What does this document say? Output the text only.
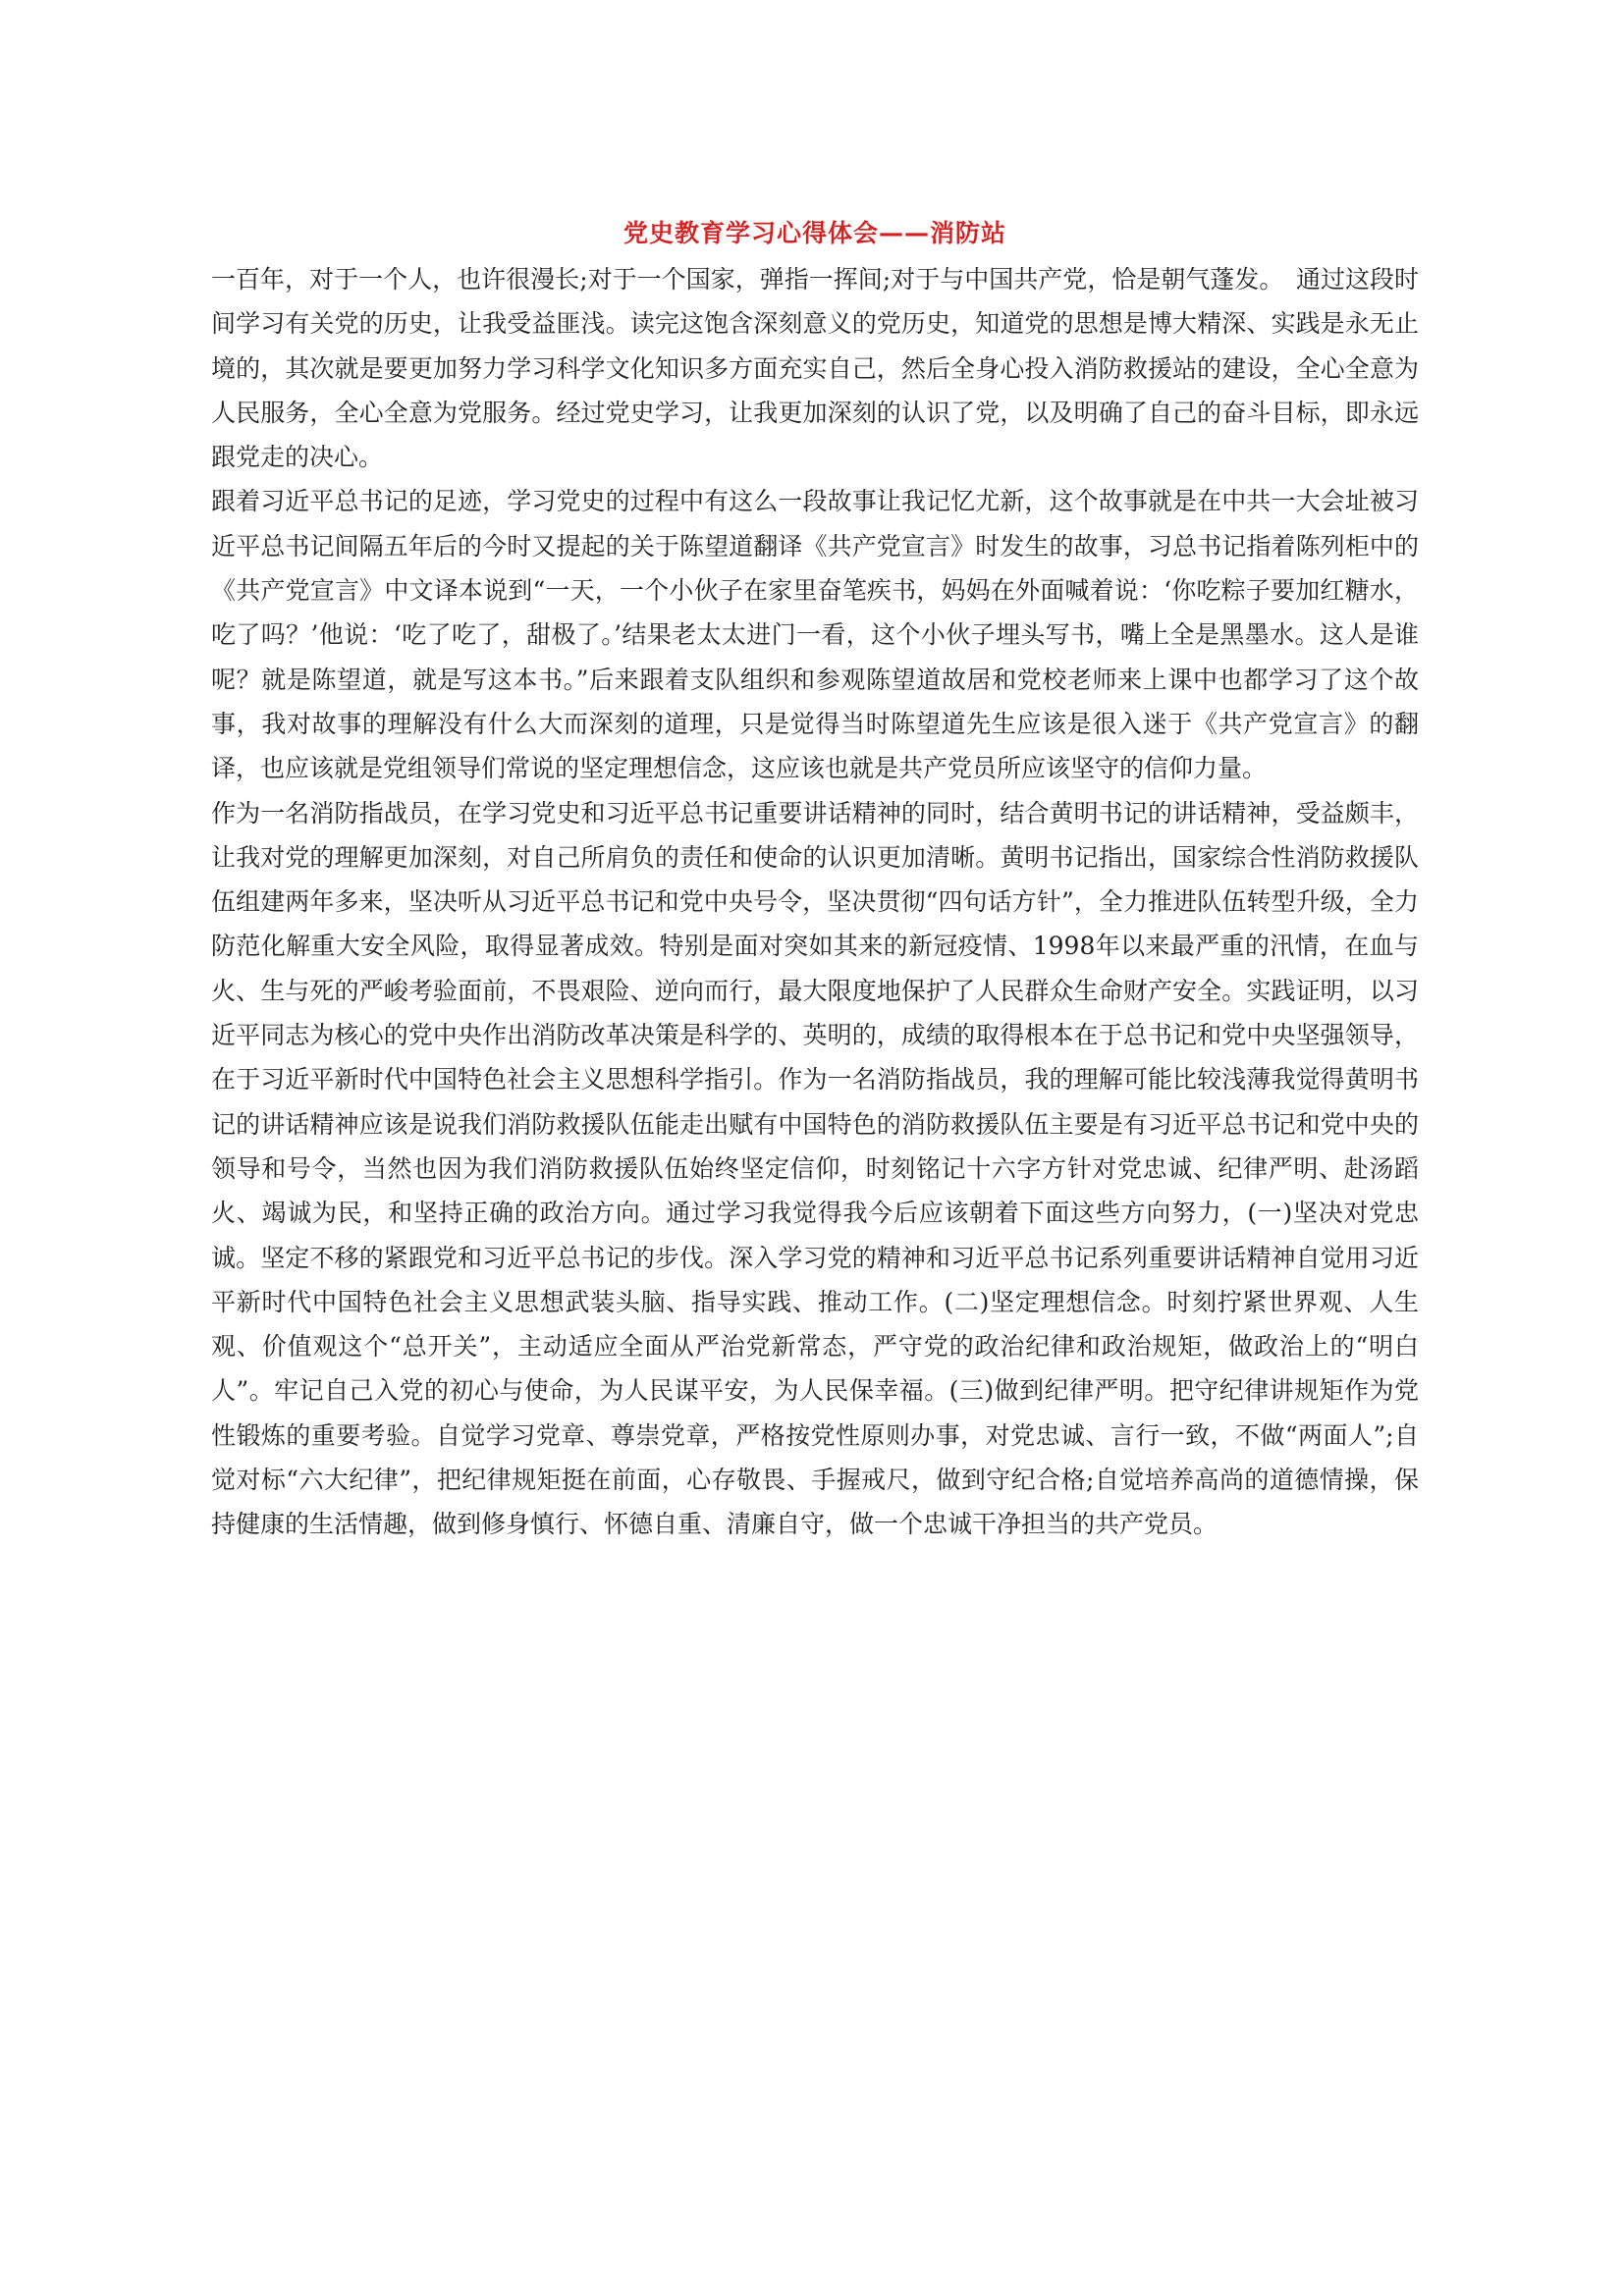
党史教育学习心得体会——消防站

一百年，对于一个人，也许很漫长;对于一个国家，弹指一挥间;对于与中国共产党，恰是朝气蓬发。　通过这段时间学习有关党的历史，让我受益匪浅。读完这饱含深刻意义的党历史，知道党的思想是博大精深、实践是永无止境的，其次就是要更加努力学习科学文化知识多方面充实自己，然后全身心投入消防救援站的建设，全心全意为人民服务，全心全意为党服务。经过党史学习，让我更加深刻的认识了党，以及明确了自己的奋斗目标，即永远跟党走的决心。

跟着习近平总书记的足迹，学习党史的过程中有这么一段故事让我记忆尤新，这个故事就是在中共一大会址被习近平总书记间隔五年后的今时又提起的关于陈望道翻译《共产党宣言》时发生的故事，习总书记指着陈列柜中的《共产党宣言》中文译本说到“一天，一个小伙子在家里奋笔疾书，妈妈在外面喊着说：‘你吃粽子要加红糖水，吃了吗？’他说：‘吃了吃了，甜极了。’结果老太太进门一看，这个小伙子埋头写书，嘴上全是黑墨水。这人是谁呢？就是陈望道，就是写这本书。”后来跟着支队组织和参观陈望道故居和党校老师来上课中也都学习了这个故事，我对故事的理解没有什么大而深刻的道理，只是觉得当时陈望道先生应该是很入迷于《共产党宣言》的翻译，也应该就是党组领导们常说的坚定理想信念，这应该也就是共产党员所应该坚守的信仰力量。

作为一名消防指战员，在学习党史和习近平总书记重要讲话精神的同时，结合黄明书记的讲话精神，受益颇丰，让我对党的理解更加深刻，对自己所肩负的责任和使命的认识更加清晰。黄明书记指出，国家综合性消防救援队伍组建两年多来，坚决听从习近平总书记和党中央号令，坚决贯彻“四句话方针”，全力推进队伍转型升级，全力防范化解重大安全风险，取得显著成效。特别是面对突如其来的新冠疫情、1998年以来最严重的汛情，在血与火、生与死的严峻考验面前，不畏艰险、逆向而行，最大限度地保护了人民群众生命财产安全。实践证明，以习近平同志为核心的党中央作出消防改革决策是科学的、英明的，成绩的取得根本在于总书记和党中央坚强领导，在于习近平新时代中国特色社会主义思想科学指引。作为一名消防指战员，我的理解可能比较浅薄我觉得黄明书记的讲话精神应该是说我们消防救援队伍能走出赋有中国特色的消防救援队伍主要是有习近平总书记和党中央的领导和号令，当然也因为我们消防救援队伍始终坚定信仰，时刻铭记十六字方针对党忠诚、纪律严明、赴汤蹈火、竭诚为民，和坚持正确的政治方向。通过学习我觉得我今后应该朝着下面这些方向努力，(一)坚决对党忠诚。坚定不移的紧跟党和习近平总书记的步伐。深入学习党的精神和习近平总书记系列重要讲话精神自觉用习近平新时代中国特色社会主义思想武装头脑、指导实践、推动工作。(二)坚定理想信念。时刻拧紧世界观、人生观、价值观这个“总开关”，主动适应全面从严治党新常态，严守党的政治纪律和政治规矩，做政治上的“明白人”。牢记自己入党的初心与使命，为人民谋平安，为人民保幸福。(三)做到纪律严明。把守纪律讲规矩作为党性锻炼的重要考验。自觉学习党章、尊崇党章，严格按党性原则办事，对党忠诚、言行一致，不做“两面人”;自觉对标“六大纪律”，把纪律规矩挺在前面，心存敬畏、手握戒尺，做到守纪合格;自觉培养高尚的道德情操，保持健康的生活情趣，做到修身慎行、怀德自重、清廉自守，做一个忠诚干净担当的共产党员。
